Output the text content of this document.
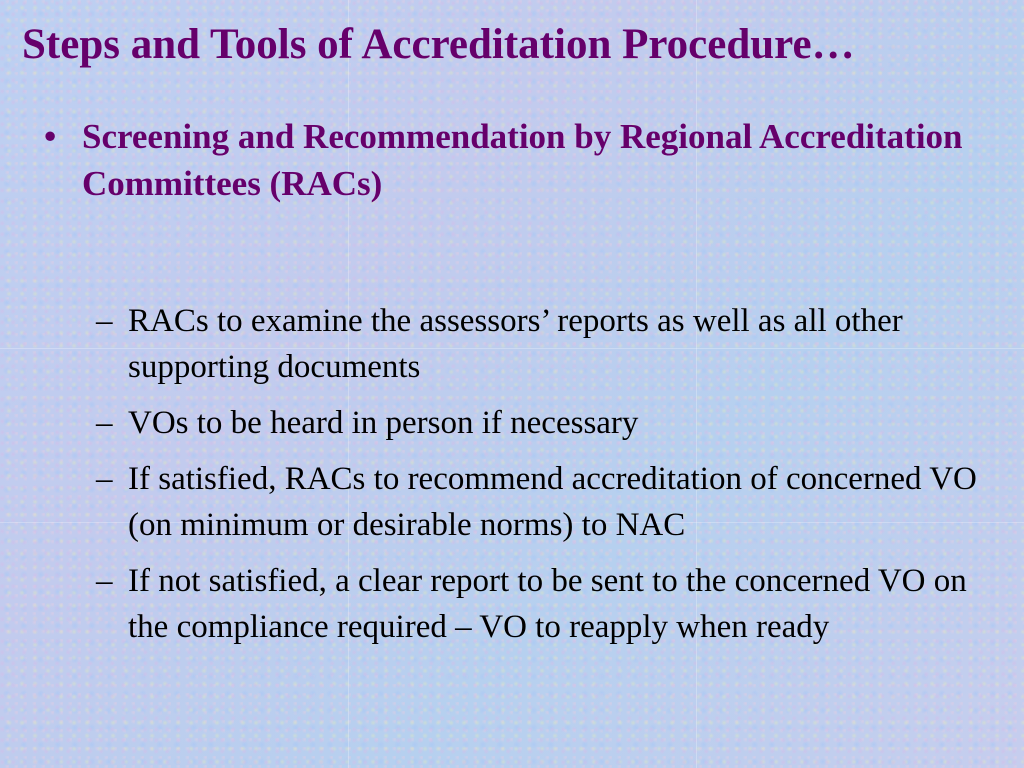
Steps and Tools of Accreditation Procedure…
• Screening and Recommendation by Regional Accreditation Committees (RACs)
– RACs to examine the assessors’ reports as well as all other supporting documents
– VOs to be heard in person if necessary
– If satisfied, RACs to recommend accreditation of concerned VO (on minimum or desirable norms) to NAC
– If not satisfied, a clear report to be sent to the concerned VO on the compliance required – VO to reapply when ready
